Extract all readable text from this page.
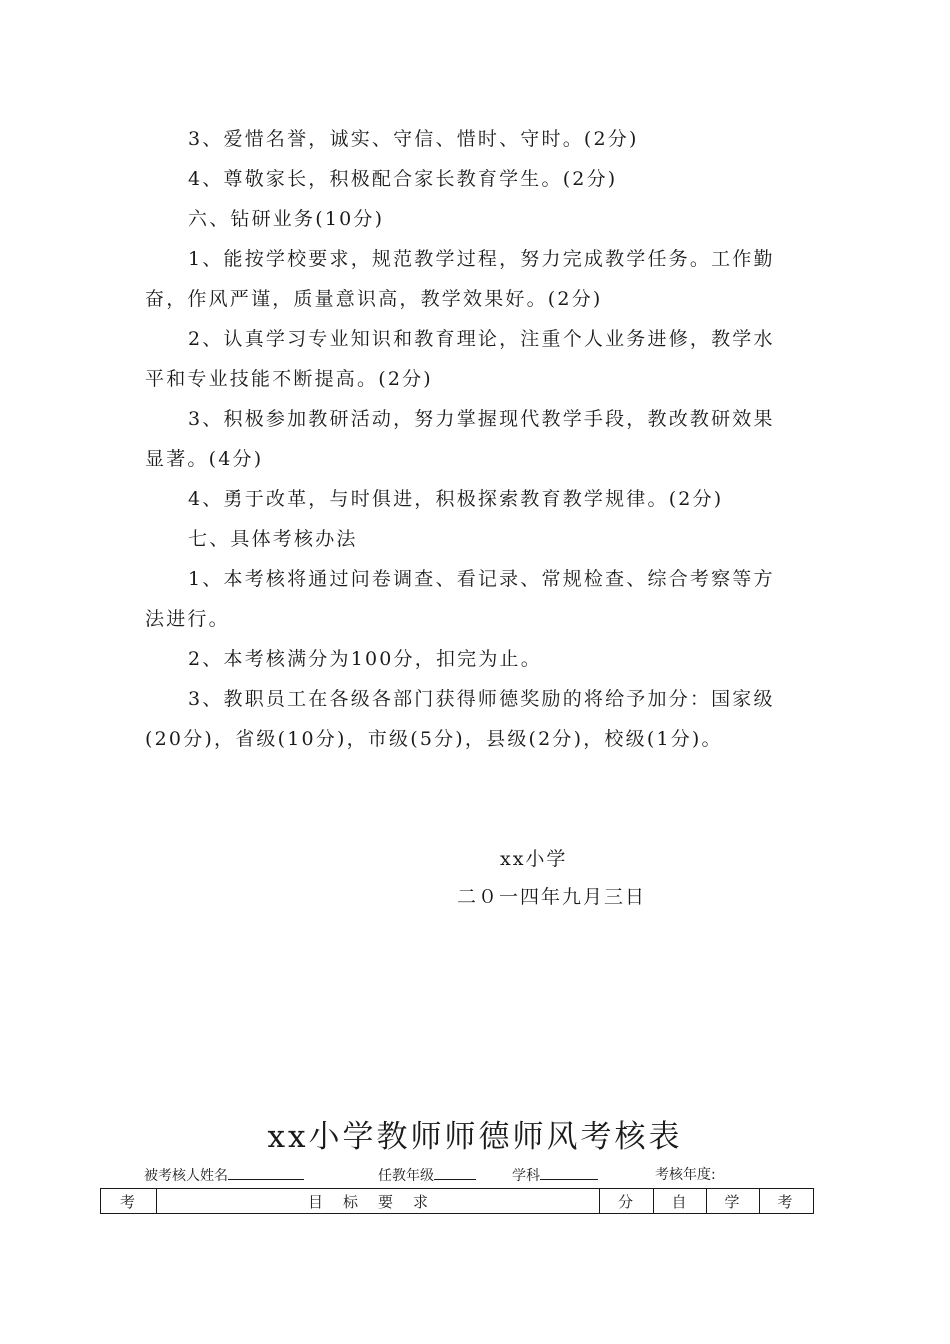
3、爱惜名誉，诚实、守信、惜时、守时。(2分)
4、尊敬家长，积极配合家长教育学生。(2分)
六、钻研业务(10分)
1、能按学校要求，规范教学过程，努力完成教学任务。工作勤
奋，作风严谨，质量意识高，教学效果好。(2分)
2、认真学习专业知识和教育理论，注重个人业务进修，教学水
平和专业技能不断提高。(2分)
3、积极参加教研活动，努力掌握现代教学手段，教改教研效果
显著。(4分)
4、勇于改革，与时俱进，积极探索教育教学规律。(2分)
七、具体考核办法
1、本考核将通过问卷调查、看记录、常规检查、综合考察等方
法进行。
2、本考核满分为100分，扣完为止。
3、教职员工在各级各部门获得师德奖励的将给予加分：国家级
(20分)，省级(10分)，市级(5分)，县级(2分)，校级(1分)。
xx小学
二０一四年九月三日
xx小学教师师德师风考核表
被考核人姓名	任教年级	学科	考核年度:
考	目标要求	分	自	学	考
